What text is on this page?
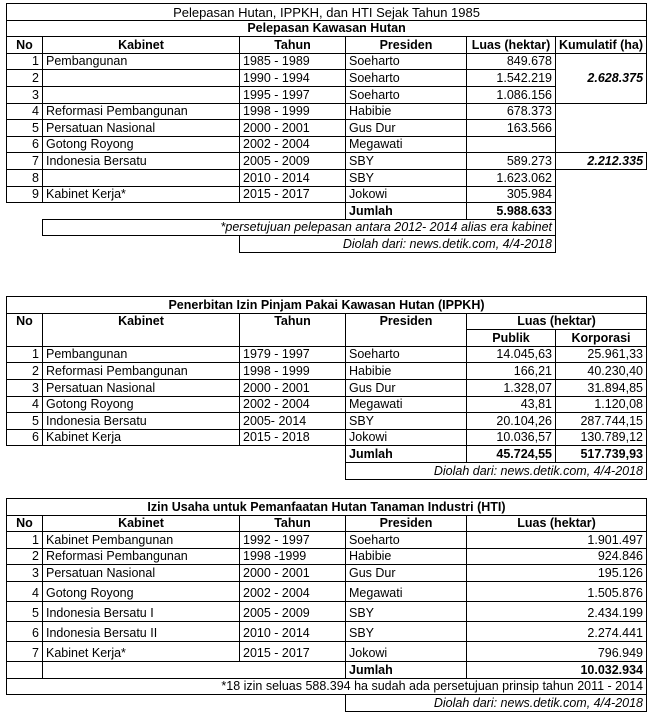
Pelepasan Hutan, IPPKH, dan HTI Sejak Tahun 1985					
Pelepasan Kawasan Hutan					
No	Kabinet	Tahun	Presiden	Luas (hektar)	Kumulatif (ha)
1	Pembangunan	1985 - 1989	Soeharto	849.678	2.628.375
2		1990 - 1994	Soeharto	1.542.219	
3		1995 - 1997	Soeharto	1.086.156	
4	Reformasi Pembangunan	1998 - 1999	Habibie	678.373	
5	Persatuan Nasional	2000 - 2001	Gus Dur	163.566	
6	Gotong Royong	2002 - 2004	Megawati		
7	Indonesia Bersatu	2005 - 2009	SBY	589.273	2.212.335
8		2010 - 2014	SBY	1.623.062	
9	Kabinet Kerja*	2015 - 2017	Jokowi	305.984	
			Jumlah	5.988.633	
	*persetujuan pelepasan antara 2012- 2014 alias era kabinet				
		Diolah dari: news.detik.com, 4/4-2018			
Penerbitan Izin Pinjam Pakai Kawasan Hutan (IPPKH)					
No	Kabinet	Tahun	Presiden	Luas (hektar)	
				Publik	Korporasi
1	Pembangunan	1979 - 1997	Soeharto	14.045,63	25.961,33
2	Reformasi Pembangunan	1998 - 1999	Habibie	166,21	40.230,40
3	Persatuan Nasional	2000 - 2001	Gus Dur	1.328,07	31.894,85
4	Gotong Royong	2002 - 2004	Megawati	43,81	1.120,08
5	Indonesia Bersatu	2005- 2014	SBY	20.104,26	287.744,15
6	Kabinet Kerja	2015 - 2018	Jokowi	10.036,57	130.789,12
			Jumlah	45.724,55	517.739,93
			Diolah dari: news.detik.com, 4/4-2018		
Izin Usaha untuk Pemanfaatan Hutan Tanaman Industri (HTI)				
No	Kabinet	Tahun	Presiden	Luas (hektar)
1	Kabinet Pembangunan	1992 - 1997	Soeharto	1.901.497
2	Reformasi Pembangunan	1998 -1999	Habibie	924.846
3	Persatuan Nasional	2000 - 2001	Gus Dur	195.126
4	Gotong Royong	2002 - 2004	Megawati	1.505.876
5	Indonesia Bersatu I	2005 - 2009	SBY	2.434.199
6	Indonesia Bersatu II	2010 - 2014	SBY	2.274.441
7	Kabinet Kerja*	2015 - 2017	Jokowi	796.949
			Jumlah	10.032.934
*18 izin seluas 588.394 ha sudah ada persetujuan prinsip tahun 2011 - 2014				
			Diolah dari: news.detik.com, 4/4-2018	
